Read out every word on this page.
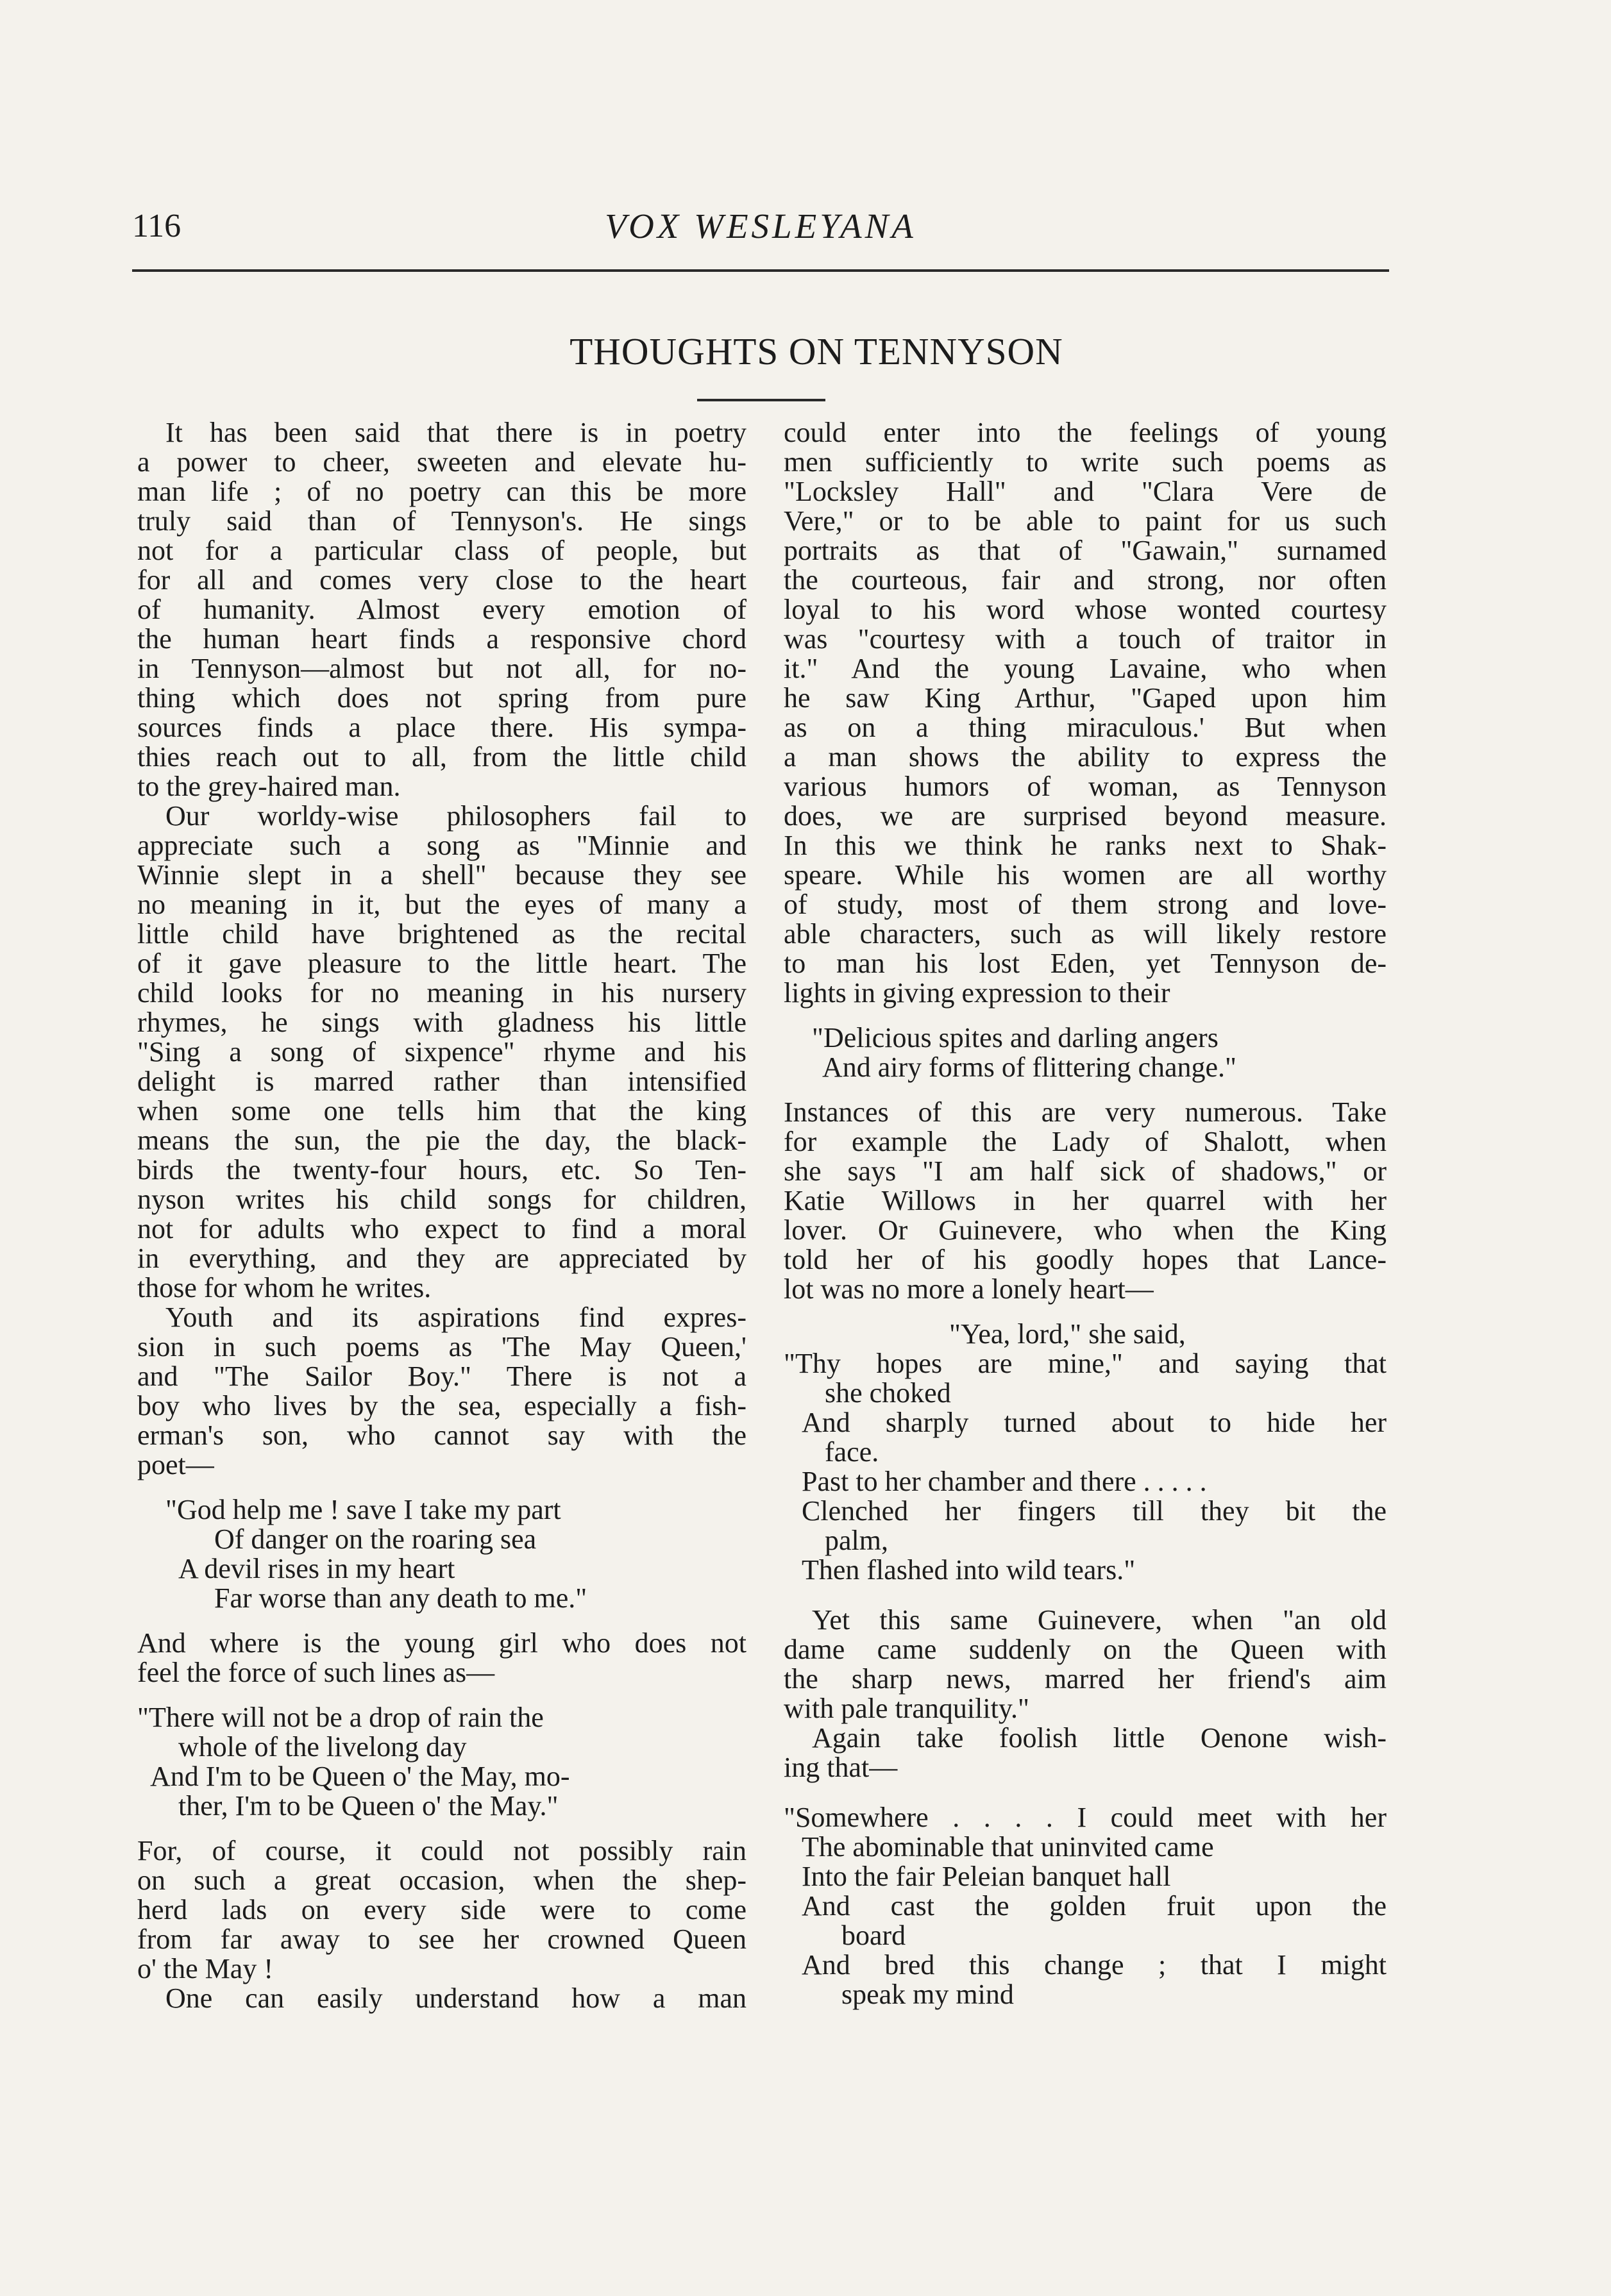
116	VOX WESLEYANA
THOUGHTS ON TENNYSON
It has been said that there is in poetry
a power to cheer, sweeten and elevate hu-
man life ; of no poetry can this be more
truly said than of Tennyson's. He sings
not for a particular class of people, but
for all and comes very close to the heart
of humanity. Almost every emotion of
the human heart finds a responsive chord
in Tennyson—almost but not all, for no-
thing which does not spring from pure
sources finds a place there. His sympa-
thies reach out to all, from the little child
to the grey-haired man.
Our worldy-wise philosophers fail to
appreciate such a song as "Minnie and
Winnie slept in a shell" because they see
no meaning in it, but the eyes of many a
little child have brightened as the recital
of it gave pleasure to the little heart. The
child looks for no meaning in his nursery
rhymes, he sings with gladness his little
"Sing a song of sixpence" rhyme and his
delight is marred rather than intensified
when some one tells him that the king
means the sun, the pie the day, the black-
birds the twenty-four hours, etc. So Ten-
nyson writes his child songs for children,
not for adults who expect to find a moral
in everything, and they are appreciated by
those for whom he writes.
Youth and its aspirations find expres-
sion in such poems as 'The May Queen,'
and "The Sailor Boy." There is not a
boy who lives by the sea, especially a fish-
erman's son, who cannot say with the
poet—
"God help me ! save I take my part
Of danger on the roaring sea
A devil rises in my heart
Far worse than any death to me."
And where is the young girl who does not
feel the force of such lines as—
"There will not be a drop of rain the
whole of the livelong day
And I'm to be Queen o' the May, mo-
ther, I'm to be Queen o' the May."
For, of course, it could not possibly rain
on such a great occasion, when the shep-
herd lads on every side were to come
from far away to see her crowned Queen
o' the May !
One can easily understand how a man
could enter into the feelings of young
men sufficiently to write such poems as
"Locksley Hall" and "Clara Vere de
Vere," or to be able to paint for us such
portraits as that of "Gawain," surnamed
the courteous, fair and strong, nor often
loyal to his word whose wonted courtesy
was "courtesy with a touch of traitor in
it." And the young Lavaine, who when
he saw King Arthur, "Gaped upon him
as on a thing miraculous.' But when
a man shows the ability to express the
various humors of woman, as Tennyson
does, we are surprised beyond measure.
In this we think he ranks next to Shak-
speare. While his women are all worthy
of study, most of them strong and love-
able characters, such as will likely restore
to man his lost Eden, yet Tennyson de-
lights in giving expression to their
"Delicious spites and darling angers
And airy forms of flittering change."
Instances of this are very numerous. Take
for example the Lady of Shalott, when
she says "I am half sick of shadows," or
Katie Willows in her quarrel with her
lover. Or Guinevere, who when the King
told her of his goodly hopes that Lance-
lot was no more a lonely heart—
"Yea, lord," she said,
"Thy hopes are mine," and saying that
she choked
And sharply turned about to hide her
face.
Past to her chamber and there . . . . .
Clenched her fingers till they bit the
palm,
Then flashed into wild tears."
Yet this same Guinevere, when "an old
dame came suddenly on the Queen with
the sharp news, marred her friend's aim
with pale tranquility."
Again take foolish little Oenone wish-
ing that—
"Somewhere . . . . I could meet with her
The abominable that uninvited came
Into the fair Peleian banquet hall
And cast the golden fruit upon the
board
And bred this change ; that I might
speak my mind
